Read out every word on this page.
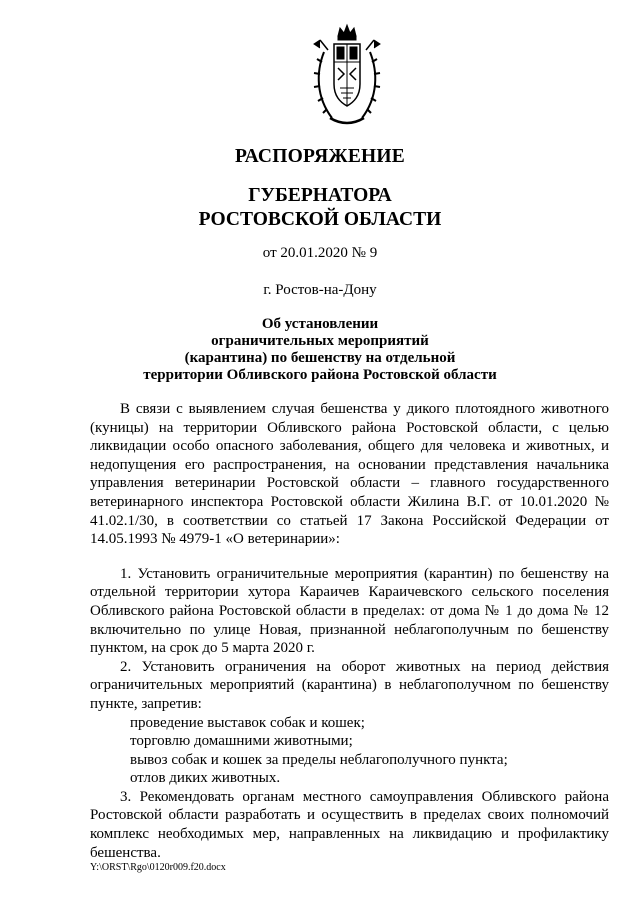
РАСПОРЯЖЕНИЕ
ГУБЕРНАТОРА
РОСТОВСКОЙ ОБЛАСТИ
от 20.01.2020 № 9
г. Ростов-на-Дону
Об установлении
ограничительных мероприятий
(карантина) по бешенству на отдельной
территории Обливского района Ростовской области

В связи с выявлением случая бешенства у дикого плотоядного животного (куницы) на территории Обливского района Ростовской области, с целью ликвидации особо опасного заболевания, общего для человека и животных, и недопущения его распространения, на основании представления начальника управления ветеринарии Ростовской области – главного государственного ветеринарного инспектора Ростовской области Жилина В.Г. от 10.01.2020 № 41.02.1/30, в соответствии со статьей 17 Закона Российской Федерации от 14.05.1993 № 4979-1 «О ветеринарии»:

1. Установить ограничительные мероприятия (карантин) по бешенству на отдельной территории хутора Караичев Караичевского сельского поселения Обливского района Ростовской области в пределах: от дома № 1 до дома № 12 включительно по улице Новая, признанной неблагополучным по бешенству пунктом, на срок до 5 марта 2020 г.

2. Установить ограничения на оборот животных на период действия ограничительных мероприятий (карантина) в неблагополучном по бешенству пункте, запретив:

проведение выставок собак и кошек;

торговлю домашними животными;

вывоз собак и кошек за пределы неблагополучного пункта;

отлов диких животных.

3. Рекомендовать органам местного самоуправления Обливского района Ростовской области разработать и осуществить в пределах своих полномочий комплекс необходимых мер, направленных на ликвидацию и профилактику бешенства.

Y:\ORST\Rgo\0120r009.f20.docx
